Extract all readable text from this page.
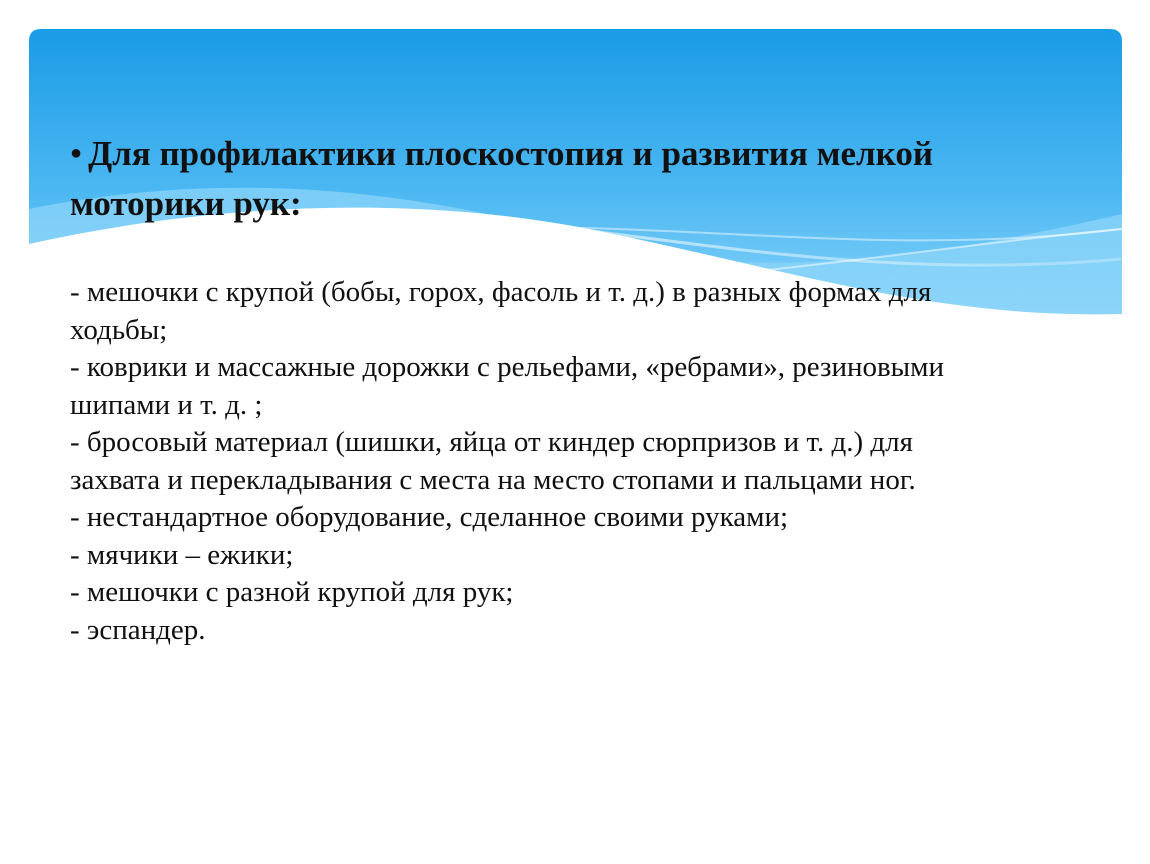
● Для профилактики плоскостопия и развития мелкой
моторики рук:
- мешочки с крупой (бобы, горох, фасоль и т. д.) в разных формах для
ходьбы;
- коврики и массажные дорожки с рельефами, «ребрами», резиновыми
шипами и т. д. ;
- бросовый материал (шишки, яйца от киндер сюрпризов и т. д.) для
захвата и перекладывания с места на место стопами и пальцами ног.
- нестандартное оборудование, сделанное своими руками;
- мячики – ежики;
- мешочки с разной крупой для рук;
- эспандер.
